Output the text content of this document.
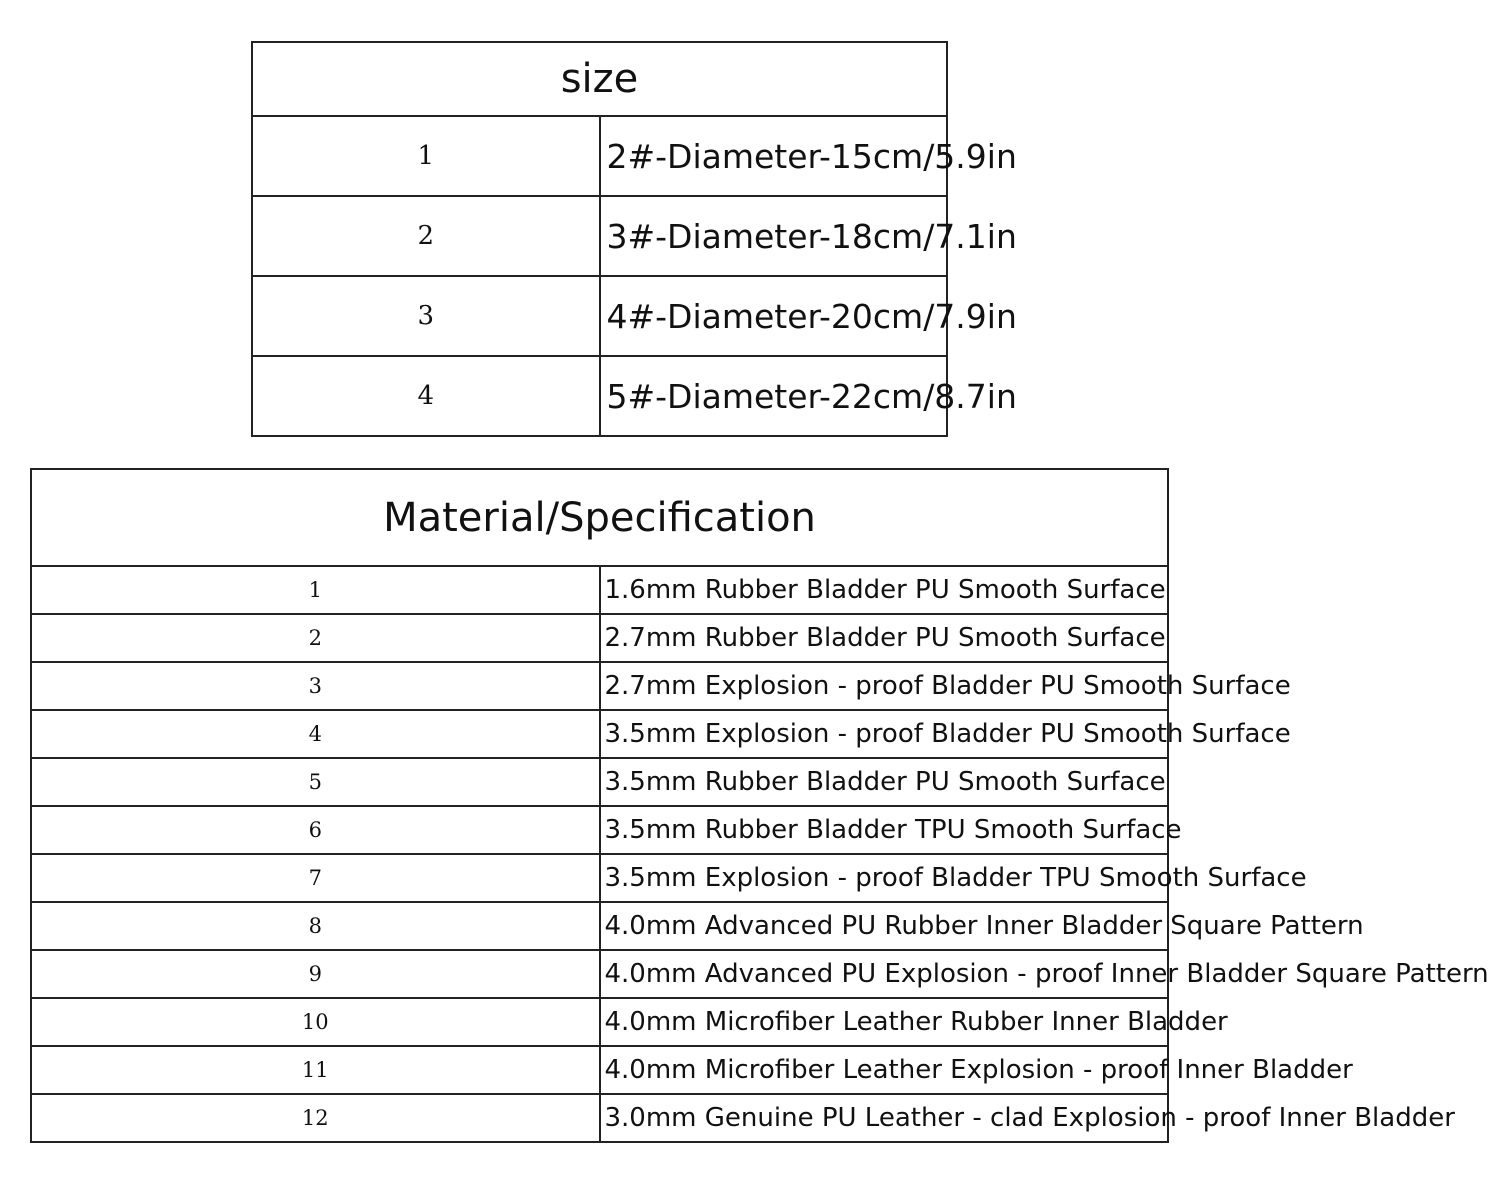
size	
1	2#-Diameter-15cm/5.9in
2	3#-Diameter-18cm/7.1in
3	4#-Diameter-20cm/7.9in
4	5#-Diameter-22cm/8.7in
Material/Specification	
1	1.6mm Rubber Bladder PU Smooth Surface
2	2.7mm Rubber Bladder PU Smooth Surface
3	2.7mm Explosion - proof Bladder PU Smooth Surface
4	3.5mm Explosion - proof Bladder PU Smooth Surface
5	3.5mm Rubber Bladder PU Smooth Surface
6	3.5mm Rubber Bladder TPU Smooth Surface
7	3.5mm Explosion - proof Bladder TPU Smooth Surface
8	4.0mm Advanced PU Rubber Inner Bladder Square Pattern
9	4.0mm Advanced PU Explosion - proof Inner Bladder Square Pattern
10	4.0mm Microfiber Leather Rubber Inner Bladder
11	4.0mm Microfiber Leather Explosion - proof Inner Bladder
12	3.0mm Genuine PU Leather - clad Explosion - proof Inner Bladder
